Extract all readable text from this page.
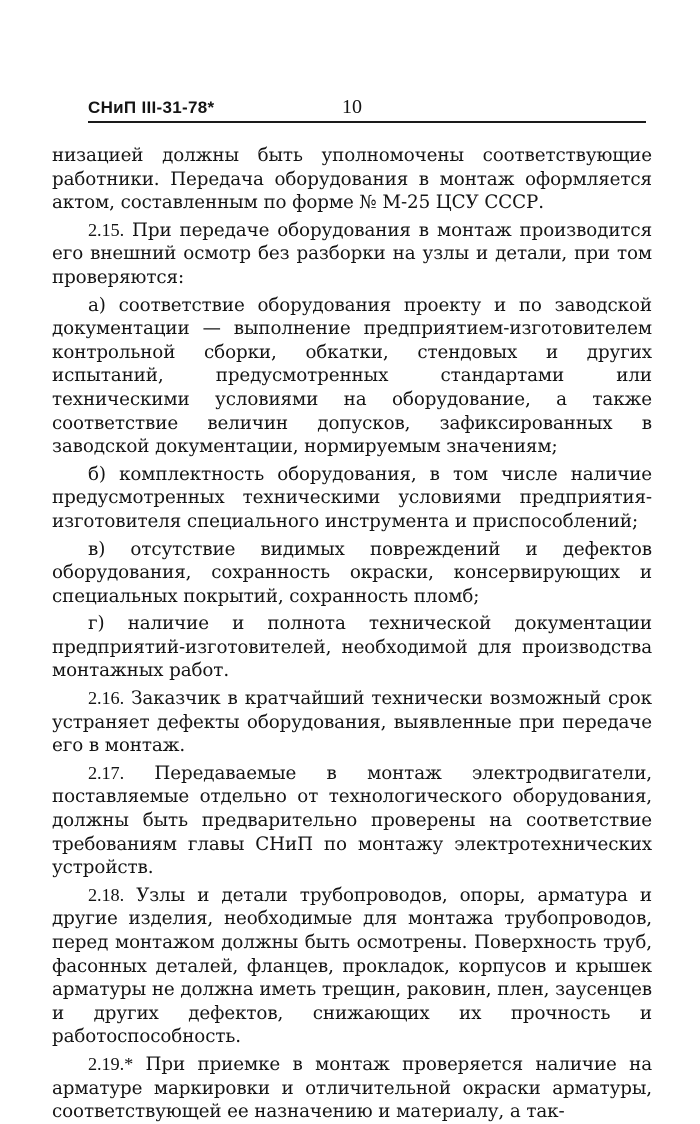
СНиП III-31-78*	10

низацией должны быть уполномочены соответствующие работники. Передача оборудования в монтаж оформляется актом, составленным по форме № М-25 ЦСУ СССР.

2.15. При передаче оборудования в монтаж производится его внешний осмотр без разборки на узлы и детали, при том проверяются:

а) соответствие оборудования проекту и по заводской документации — выполнение предприятием-изготовителем контрольной сборки, обкатки, стендовых и других испытаний, предусмотренных стандартами или техническими условиями на оборудование, а также соответствие величин допусков, зафиксированных в заводской документации, нормируемым значениям;

б) комплектность оборудования, в том числе наличие предусмотренных техническими условиями предприятия-изготовителя специального инструмента и приспособлений;

в) отсутствие видимых повреждений и дефектов оборудования, сохранность окраски, консервирующих и специальных покрытий, сохранность пломб;

г) наличие и полнота технической документации предприятий-изготовителей, необходимой для производства монтажных работ.

2.16. Заказчик в кратчайший технически возможный срок устраняет дефекты оборудования, выявленные при передаче его в монтаж.

2.17. Передаваемые в монтаж электродвигатели, поставляемые отдельно от технологического оборудования, должны быть предварительно проверены на соответствие требованиям главы СНиП по монтажу электротехнических устройств.

2.18. Узлы и детали трубопроводов, опоры, арматура и другие изделия, необходимые для монтажа трубопроводов, перед монтажом должны быть осмотрены. Поверхность труб, фасонных деталей, фланцев, прокладок, корпусов и крышек арматуры не должна иметь трещин, раковин, плен, заусенцев и других дефектов, снижающих их прочность и работоспособность.

2.19.* При приемке в монтаж проверяется наличие на арматуре маркировки и отличительной окраски арматуры, соответствующей ее назначению и материалу, а так-
